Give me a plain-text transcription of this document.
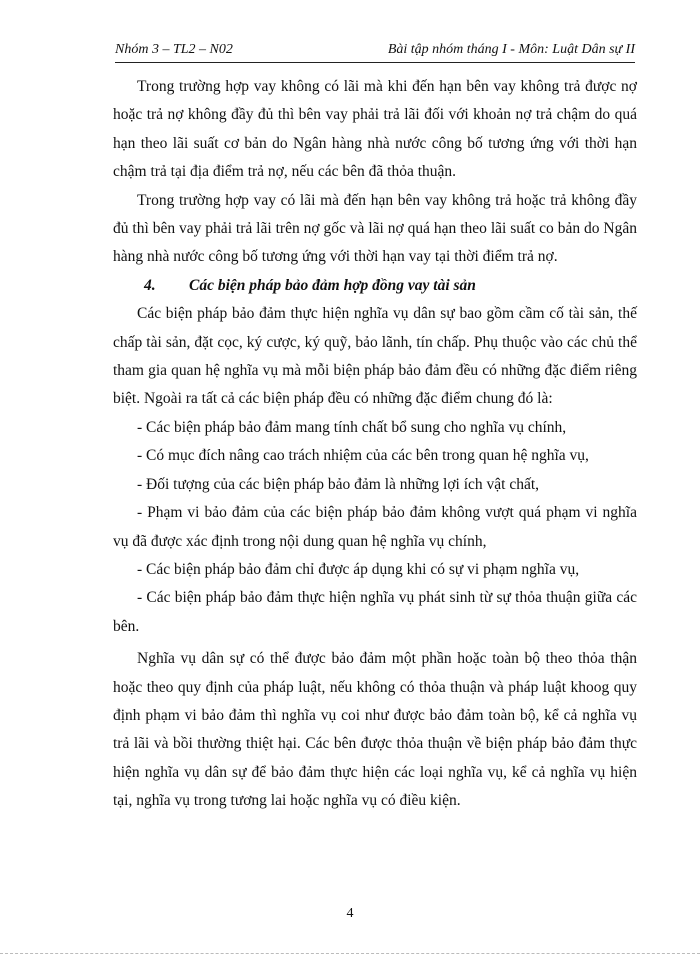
Nhóm 3 – TL2 – N02	Bài tập nhóm tháng I - Môn: Luật Dân sự II

Trong trường hợp vay không có lãi mà khi đến hạn bên vay không trả được nợ hoặc trả nợ không đầy đủ thì bên vay phải trả lãi đối với khoản nợ trả chậm do quá hạn theo lãi suất cơ bản do Ngân hàng nhà nước công bố tương ứng với thời hạn chậm trả tại địa điểm trả nợ, nếu các bên đã thỏa thuận.

Trong trường hợp vay có lãi mà đến hạn bên vay không trả hoặc trả không đầy đủ thì bên vay phải trả lãi trên nợ gốc và lãi nợ quá hạn theo lãi suất co bản do Ngân hàng nhà nước công bố tương ứng với thời hạn vay tại thời điểm trả nợ.

4. Các biện pháp bảo đảm hợp đồng vay tài sản

Các biện pháp bảo đảm thực hiện nghĩa vụ dân sự bao gồm cầm cố tài sản, thế chấp tài sản, đặt cọc, ký cược, ký quỹ, bảo lãnh, tín chấp. Phụ thuộc vào các chủ thể tham gia quan hệ nghĩa vụ mà mỗi biện pháp bảo đảm đều có những đặc điểm riêng biệt. Ngoài ra tất cả các biện pháp đều có những đặc điểm chung đó là:

- Các biện pháp bảo đảm mang tính chất bổ sung cho nghĩa vụ chính,

- Có mục đích nâng cao trách nhiệm của các bên trong quan hệ nghĩa vụ,

- Đối tượng của các biện pháp bảo đảm là những lợi ích vật chất,

- Phạm vi bảo đảm của các biện pháp bảo đảm không vượt quá phạm vi nghĩa vụ đã được xác định trong nội dung quan hệ nghĩa vụ chính,

- Các biện pháp bảo đảm chỉ được áp dụng khi có sự vi phạm nghĩa vụ,

- Các biện pháp bảo đảm thực hiện nghĩa vụ phát sinh từ sự thỏa thuận giữa các bên.

Nghĩa vụ dân sự có thể được bảo đảm một phần hoặc toàn bộ theo thỏa thận hoặc theo quy định của pháp luật, nếu không có thỏa thuận và pháp luật khoog quy định phạm vi bảo đảm thì nghĩa vụ coi như được bảo đảm toàn bộ, kể cả nghĩa vụ trả lãi và bồi thường thiệt hại. Các bên được thỏa thuận về biện pháp bảo đảm thực hiện nghĩa vụ dân sự để bảo đảm thực hiện các loại nghĩa vụ, kể cả nghĩa vụ hiện tại, nghĩa vụ trong tương lai hoặc nghĩa vụ có điều kiện.

4
